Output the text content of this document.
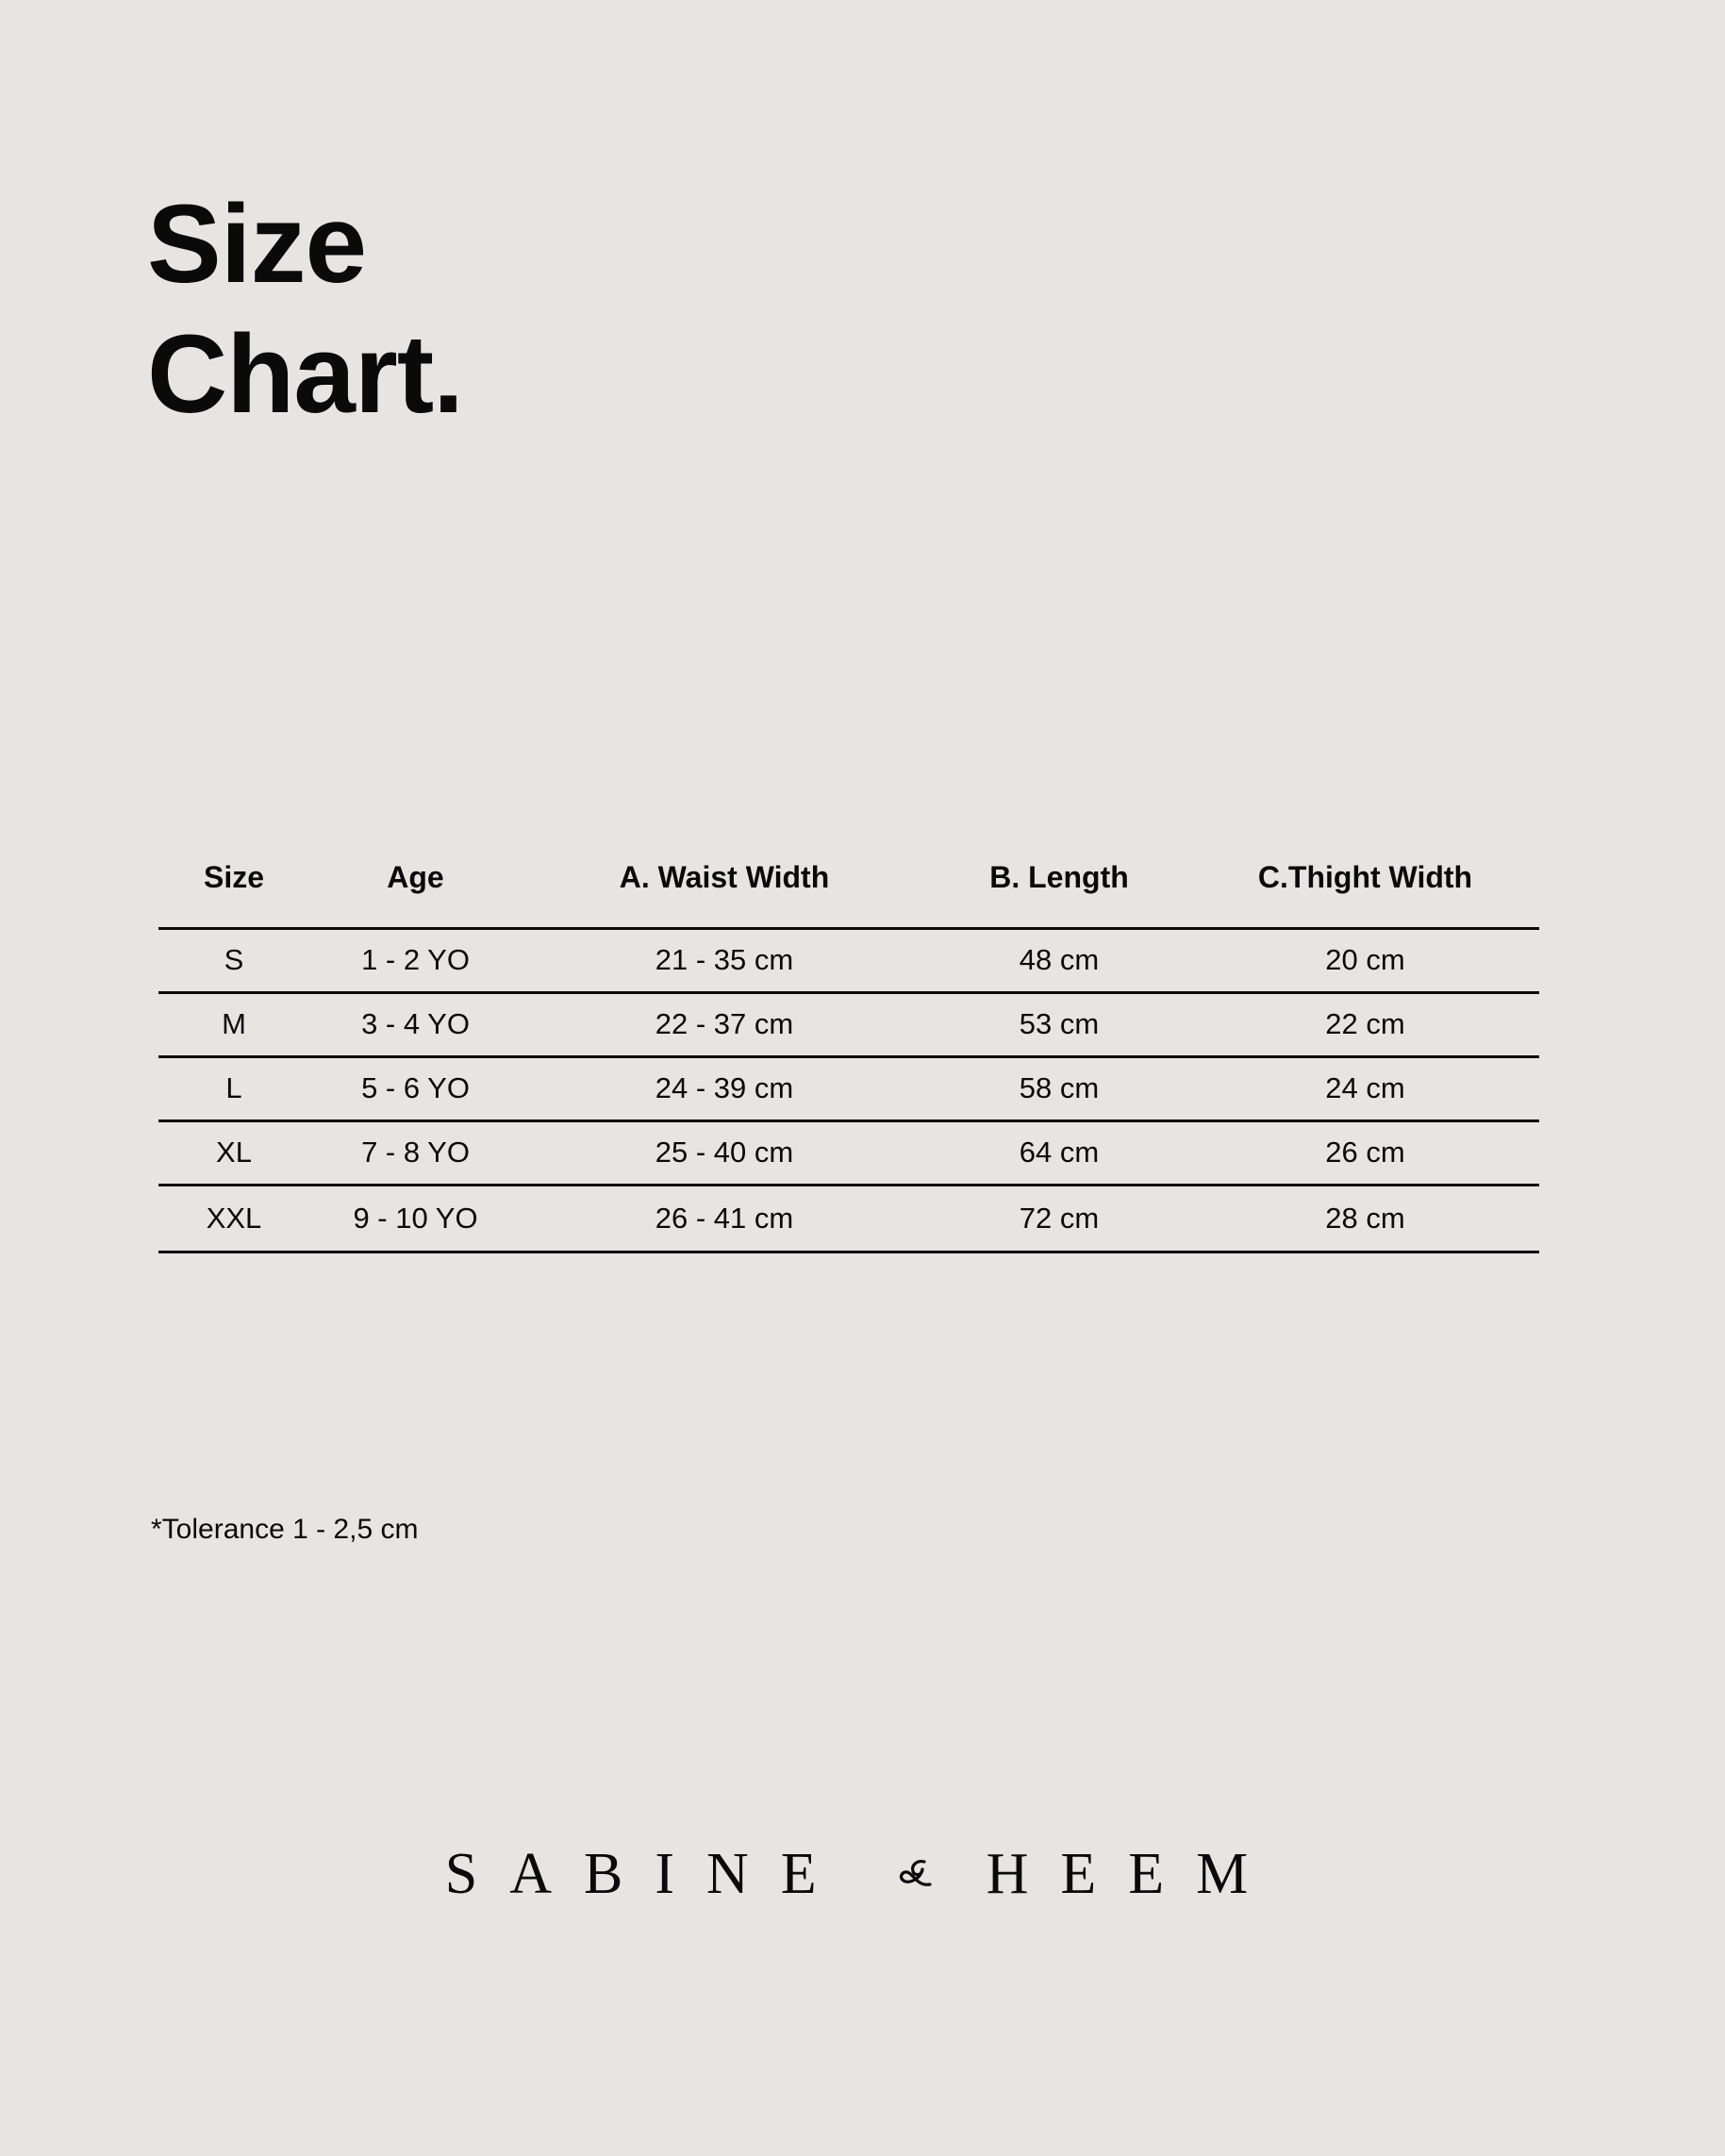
Size
Chart.
Size	Age	A. Waist Width	B. Length	C.Thight Width
S	1 - 2 YO	21 - 35 cm	48 cm	20 cm
M	3 - 4 YO	22 - 37 cm	53 cm	22 cm
L	5 - 6 YO	24 - 39 cm	58 cm	24 cm
XL	7 - 8 YO	25 - 40 cm	64 cm	26 cm
XXL	9 - 10 YO	26 - 41 cm	72 cm	28 cm
*Tolerance 1 - 2,5 cm
SABINE HEEM
